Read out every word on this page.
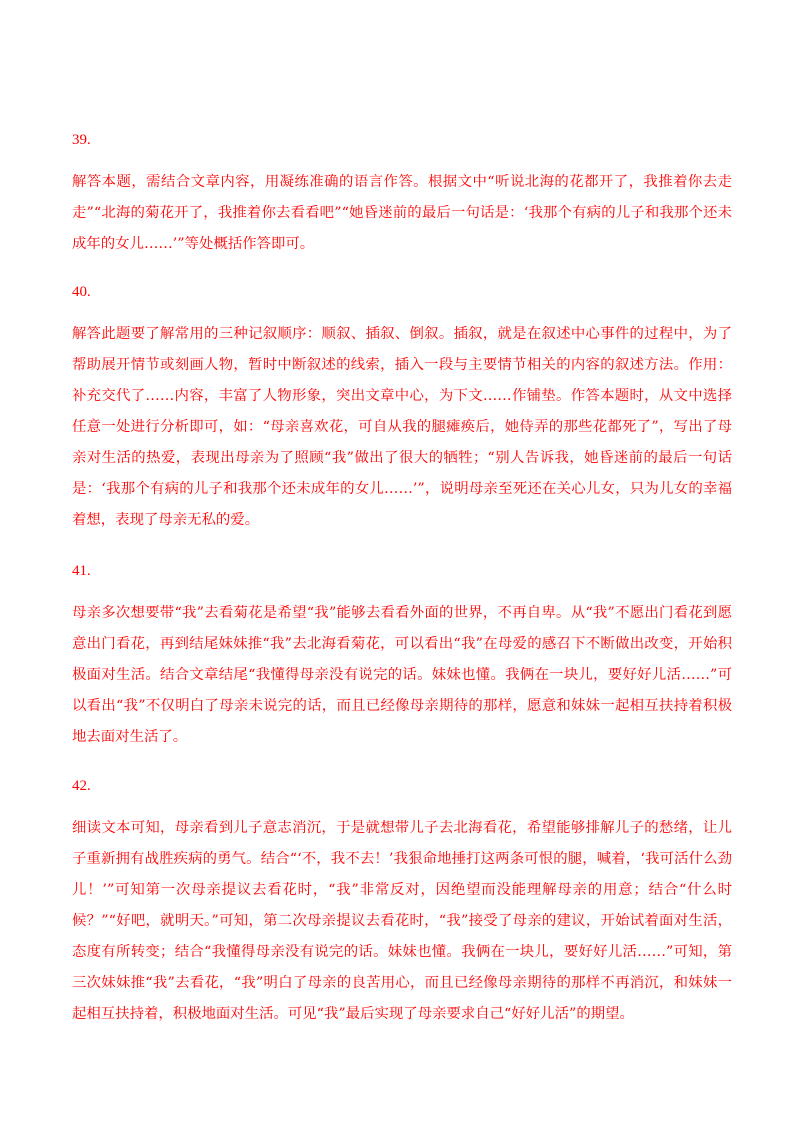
39.

解答本题，需结合文章内容，用凝练准确的语言作答。根据文中“听说北海的花都开了，我推着你去走走”“北海的菊花开了，我推着你去看看吧”“她昏迷前的最后一句话是：‘我那个有病的儿子和我那个还未成年的女儿……’”等处概括作答即可。

40.

解答此题要了解常用的三种记叙顺序：顺叙、插叙、倒叙。插叙，就是在叙述中心事件的过程中，为了帮助展开情节或刻画人物，暂时中断叙述的线索，插入一段与主要情节相关的内容的叙述方法。作用：补充交代了……内容，丰富了人物形象，突出文章中心，为下文……作铺垫。作答本题时，从文中选择任意一处进行分析即可，如：“母亲喜欢花，可自从我的腿瘫痪后，她侍弄的那些花都死了”，写出了母亲对生活的热爱，表现出母亲为了照顾“我”做出了很大的牺牲；“别人告诉我，她昏迷前的最后一句话是：‘我那个有病的儿子和我那个还未成年的女儿……’”，说明母亲至死还在关心儿女，只为儿女的幸福着想，表现了母亲无私的爱。

41.

母亲多次想要带“我”去看菊花是希望“我”能够去看看外面的世界，不再自卑。从“我”不愿出门看花到愿意出门看花，再到结尾妹妹推“我”去北海看菊花，可以看出“我”在母爱的感召下不断做出改变，开始积极面对生活。结合文章结尾“我懂得母亲没有说完的话。妹妹也懂。我俩在一块儿，要好好儿活……”可以看出“我”不仅明白了母亲未说完的话，而且已经像母亲期待的那样，愿意和妹妹一起相互扶持着积极地去面对生活了。

42.

细读文本可知，母亲看到儿子意志消沉，于是就想带儿子去北海看花，希望能够排解儿子的愁绪，让儿子重新拥有战胜疾病的勇气。结合“‘不，我不去！’我狠命地捶打这两条可恨的腿，喊着，‘我可活什么劲儿！’”可知第一次母亲提议去看花时，“我”非常反对，因绝望而没能理解母亲的用意；结合“什么时候？”“好吧，就明天。”可知，第二次母亲提议去看花时，“我”接受了母亲的建议，开始试着面对生活，态度有所转变；结合“我懂得母亲没有说完的话。妹妹也懂。我俩在一块儿，要好好儿活……”可知，第三次妹妹推“我”去看花，“我”明白了母亲的良苦用心，而且已经像母亲期待的那样不再消沉，和妹妹一起相互扶持着，积极地面对生活。可见“我”最后实现了母亲要求自己“好好儿活”的期望。
